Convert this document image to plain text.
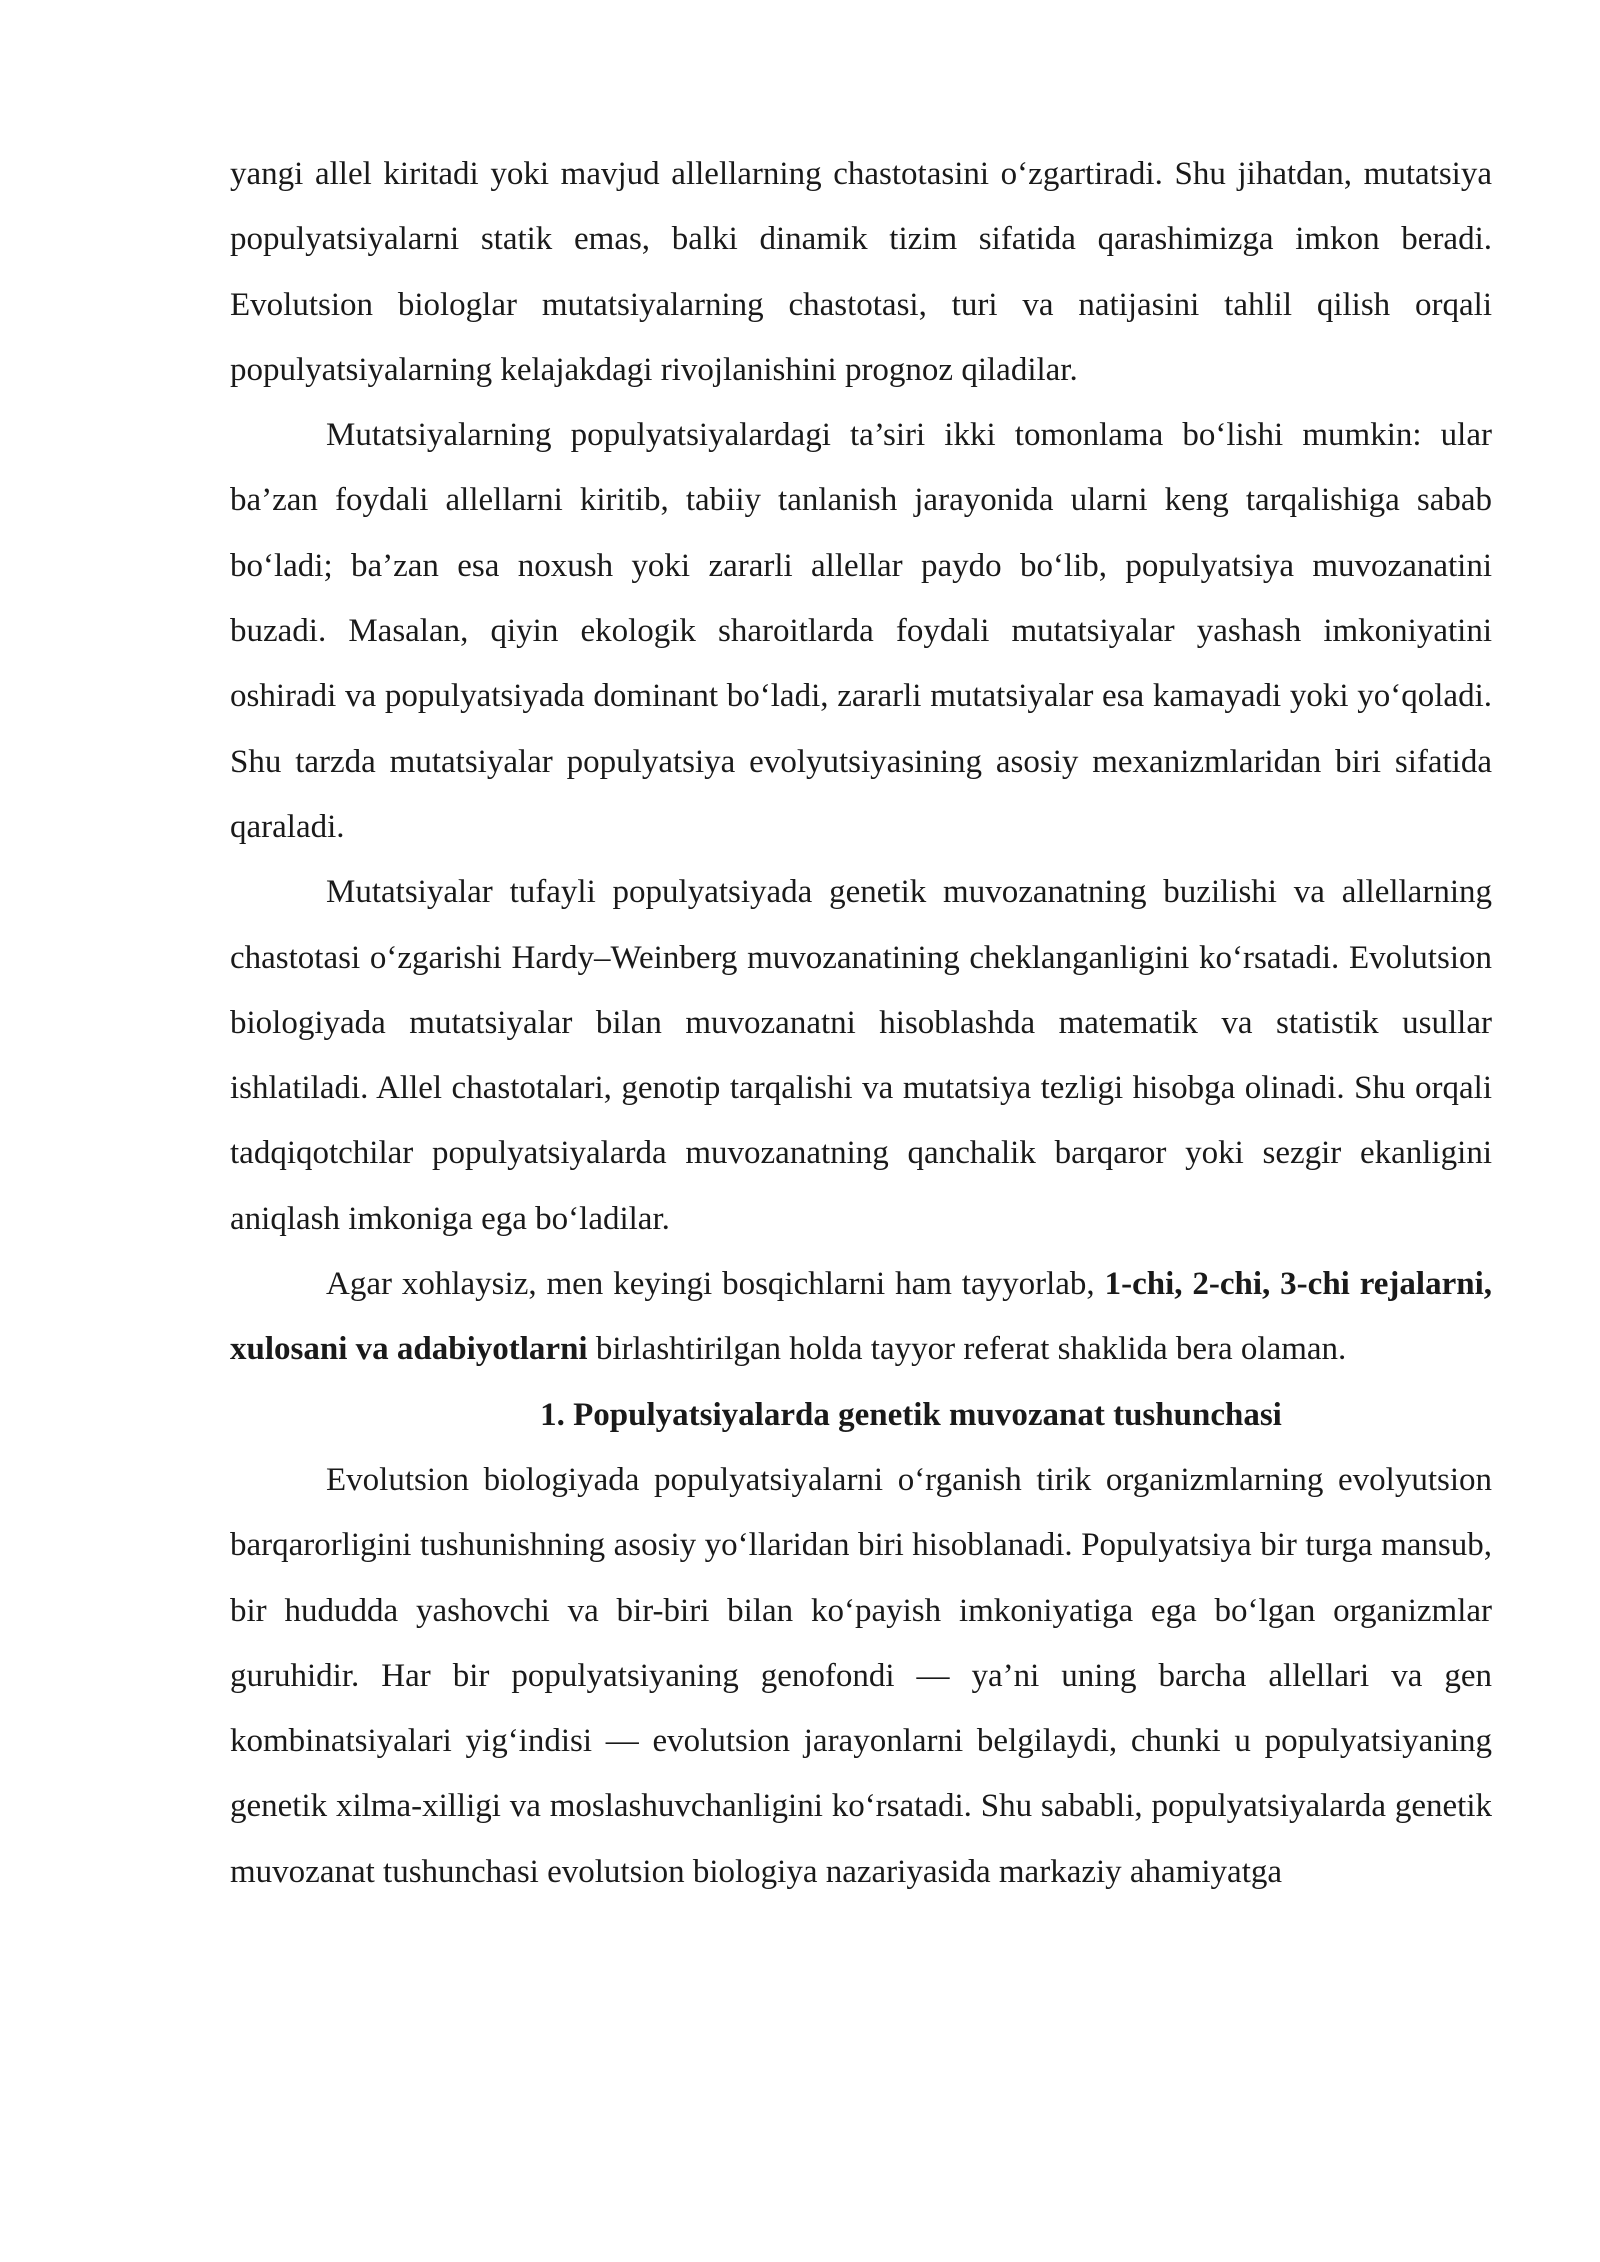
yangi allel kiritadi yoki mavjud allellarning chastotasini o‘zgartiradi. Shu jihatdan, mutatsiya populyatsiyalarni statik emas, balki dinamik tizim sifatida qarashimizga imkon beradi. Evolutsion biologlar mutatsiyalarning chastotasi, turi va natijasini tahlil qilish orqali populyatsiyalarning kelajakdagi rivojlanishini prognoz qiladilar.

Mutatsiyalarning populyatsiyalardagi ta’siri ikki tomonlama bo‘lishi mumkin: ular ba’zan foydali allellarni kiritib, tabiiy tanlanish jarayonida ularni keng tarqalishiga sabab bo‘ladi; ba’zan esa noxush yoki zararli allellar paydo bo‘lib, populyatsiya muvozanatini buzadi. Masalan, qiyin ekologik sharoitlarda foydali mutatsiyalar yashash imkoniyatini oshiradi va populyatsiyada dominant bo‘ladi, zararli mutatsiyalar esa kamayadi yoki yo‘qoladi. Shu tarzda mutatsiyalar populyatsiya evolyutsiyasining asosiy mexanizmlaridan biri sifatida qaraladi.

Mutatsiyalar tufayli populyatsiyada genetik muvozanatning buzilishi va allellarning chastotasi o‘zgarishi Hardy–Weinberg muvozanatining cheklanganligini ko‘rsatadi. Evolutsion biologiyada mutatsiyalar bilan muvozanatni hisoblashda matematik va statistik usullar ishlatiladi. Allel chastotalari, genotip tarqalishi va mutatsiya tezligi hisobga olinadi. Shu orqali tadqiqotchilar populyatsiyalarda muvozanatning qanchalik barqaror yoki sezgir ekanligini aniqlash imkoniga ega bo‘ladilar.

Agar xohlaysiz, men keyingi bosqichlarni ham tayyorlab, 1-chi, 2-chi, 3-chi rejalarni, xulosani va adabiyotlarni birlashtirilgan holda tayyor referat shaklida bera olaman.

1. Populyatsiyalarda genetik muvozanat tushunchasi

Evolutsion biologiyada populyatsiyalarni o‘rganish tirik organizmlarning evolyutsion barqarorligini tushunishning asosiy yo‘llaridan biri hisoblanadi. Populyatsiya bir turga mansub, bir hududda yashovchi va bir-biri bilan ko‘payish imkoniyatiga ega bo‘lgan organizmlar guruhidir. Har bir populyatsiyaning genofondi — ya’ni uning barcha allellari va gen kombinatsiyalari yig‘indisi — evolutsion jarayonlarni belgilaydi, chunki u populyatsiyaning genetik xilma-xilligi va moslashuvchanligini ko‘rsatadi. Shu sababli, populyatsiyalarda genetik muvozanat tushunchasi evolutsion biologiya nazariyasida markaziy ahamiyatga
